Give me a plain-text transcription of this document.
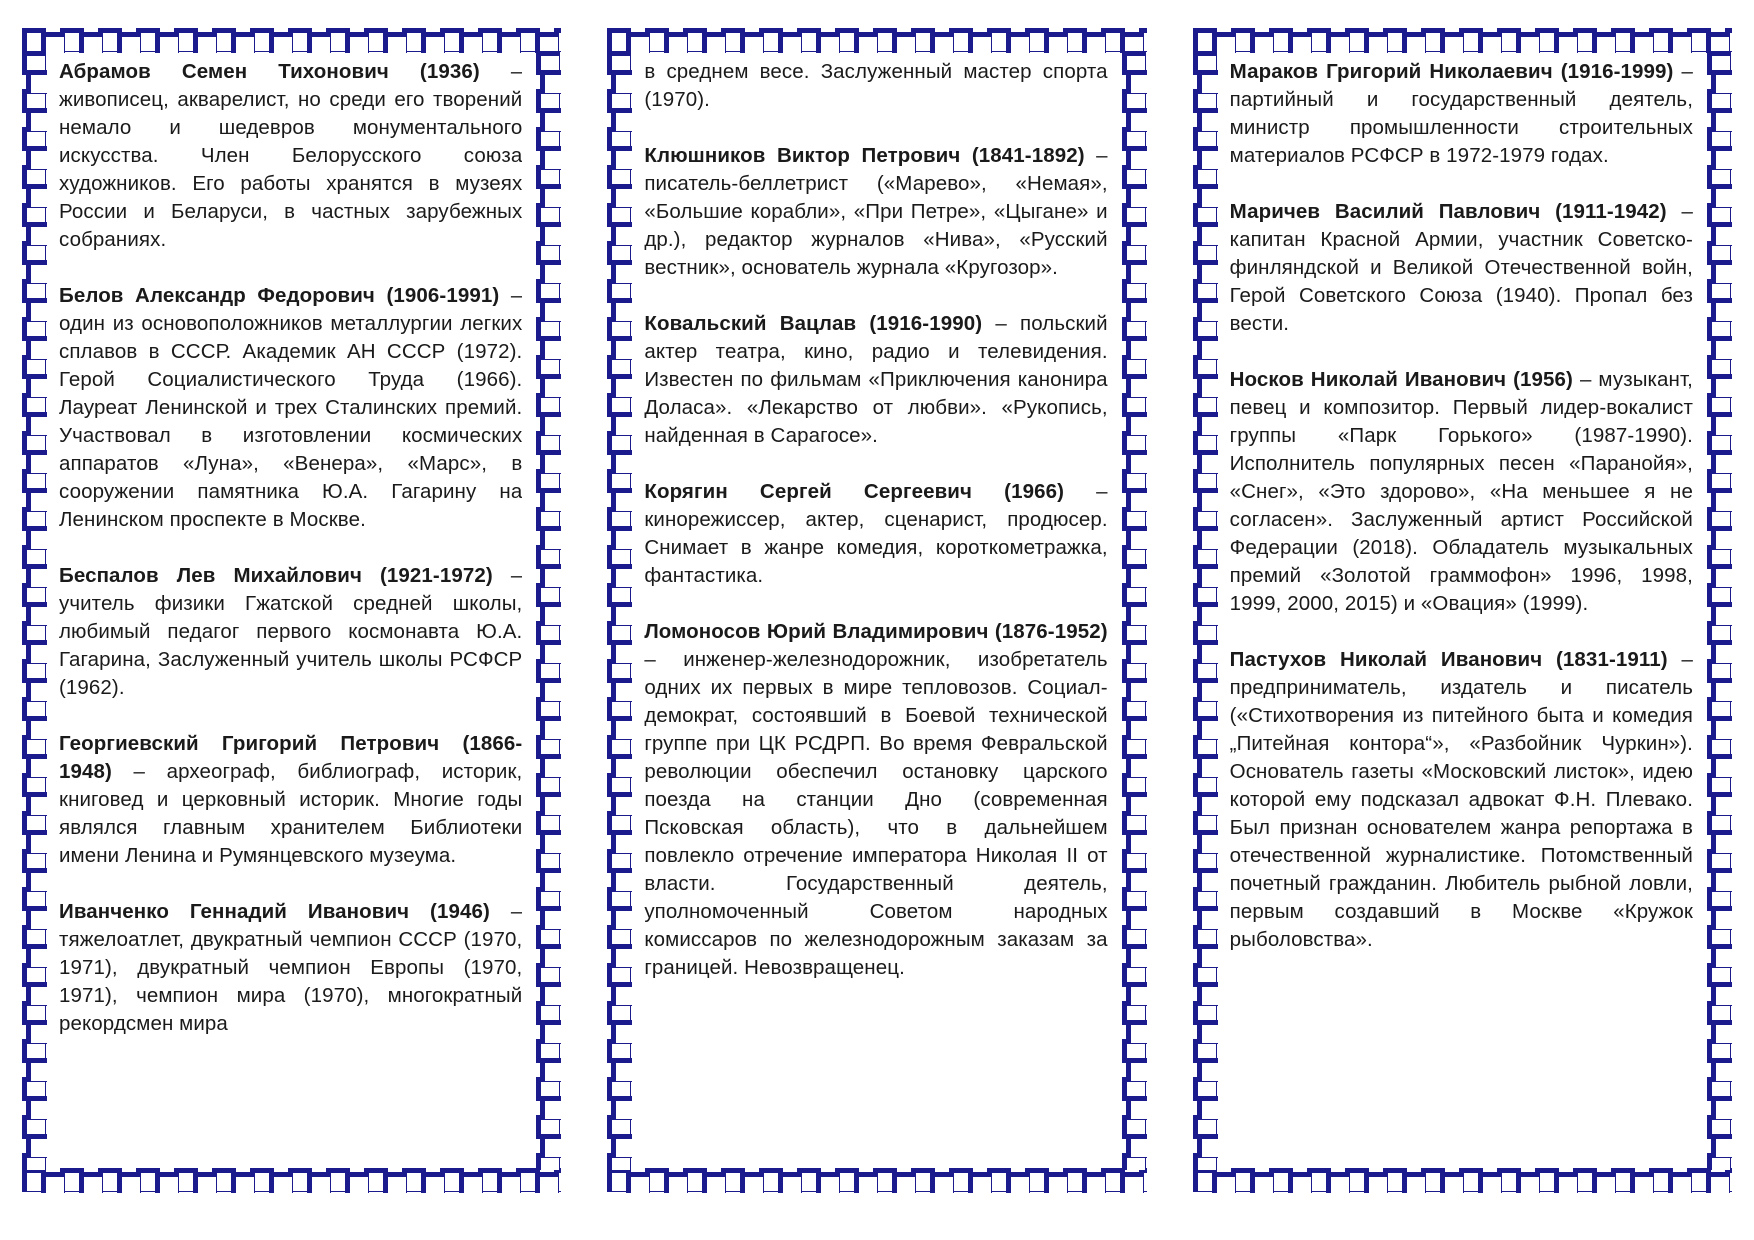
Абрамов Семен Тихонович (1936) – живописец, акварелист, но среди его творений немало и шедевров монументального искусства. Член Белорусского союза художников. Его работы хранятся в музеях России и Беларуси, в частных зарубежных собраниях.

Белов Александр Федорович (1906-1991) – один из основоположников металлургии легких сплавов в СССР. Академик АН СССР (1972). Герой Социалистического Труда (1966). Лауреат Ленинской и трех Сталинских премий. Участвовал в изготовлении космических аппаратов «Луна», «Венера», «Марс», в сооружении памятника Ю.А. Гагарину на Ленинском проспекте в Москве.

Беспалов Лев Михайлович (1921-1972) – учитель физики Гжатской средней школы, любимый педагог первого космонавта Ю.А. Гагарина, Заслуженный учитель школы РСФСР (1962).

Георгиевский Григорий Петрович (1866-1948) – археограф, библиограф, историк, книговед и церковный историк. Многие годы являлся главным хранителем Библиотеки имени Ленина и Румянцевского музеума.

Иванченко Геннадий Иванович (1946) – тяжелоатлет, двукратный чемпион СССР (1970, 1971), двукратный чемпион Европы (1970, 1971), чемпион мира (1970), многократный рекордсмен мира

в среднем весе. Заслуженный мастер спорта (1970).

Клюшников Виктор Петрович (1841-1892) – писатель-беллетрист («Марево», «Немая», «Большие корабли», «При Петре», «Цыгане» и др.), редактор журналов «Нива», «Русский вестник», основатель журнала «Кругозор».

Ковальский Вацлав (1916-1990) – польский актер театра, кино, радио и телевидения. Известен по фильмам «Приключения канонира Доласа». «Лекарство от любви». «Рукопись, найденная в Сарагосе».

Корягин Сергей Сергеевич (1966) – кинорежиссер, актер, сценарист, продюсер. Снимает в жанре комедия, короткометражка, фантастика.

Ломоносов Юрий Владимирович (1876-1952) – инженер-железнодорожник, изобретатель одних их первых в мире тепловозов. Социал-демократ, состоявший в Боевой технической группе при ЦК РСДРП. Во время Февральской революции обеспечил остановку царского поезда на станции Дно (современная Псковская область), что в дальнейшем повлекло отречение императора Николая II от власти. Государственный деятель, уполномоченный Советом народных комиссаров по железнодорожным заказам за границей. Невозвращенец.

Мараков Григорий Николаевич (1916-1999) – партийный и государственный деятель, министр промышленности строительных материалов РСФСР в 1972-1979 годах.

Маричев Василий Павлович (1911-1942) – капитан Красной Армии, участник Советско-финляндской и Великой Отечественной войн, Герой Советского Союза (1940). Пропал без вести.

Носков Николай Иванович (1956) – музыкант, певец и композитор. Первый лидер-вокалист группы «Парк Горького» (1987-1990). Исполнитель популярных песен «Паранойя», «Снег», «Это здорово», «На меньшее я не согласен». Заслуженный артист Российской Федерации (2018). Обладатель музыкальных премий «Золотой граммофон» 1996, 1998, 1999, 2000, 2015) и «Овация» (1999).

Пастухов Николай Иванович (1831-1911) – предприниматель, издатель и писатель («Стихотворения из питейного быта и комедия „Питейная контора“», «Разбойник Чуркин»). Основатель газеты «Московский листок», идею которой ему подсказал адвокат Ф.Н. Плевако. Был признан основателем жанра репортажа в отечественной журналистике. Потомственный почетный гражданин. Любитель рыбной ловли, первым создавший в Москве «Кружок рыболовства».
